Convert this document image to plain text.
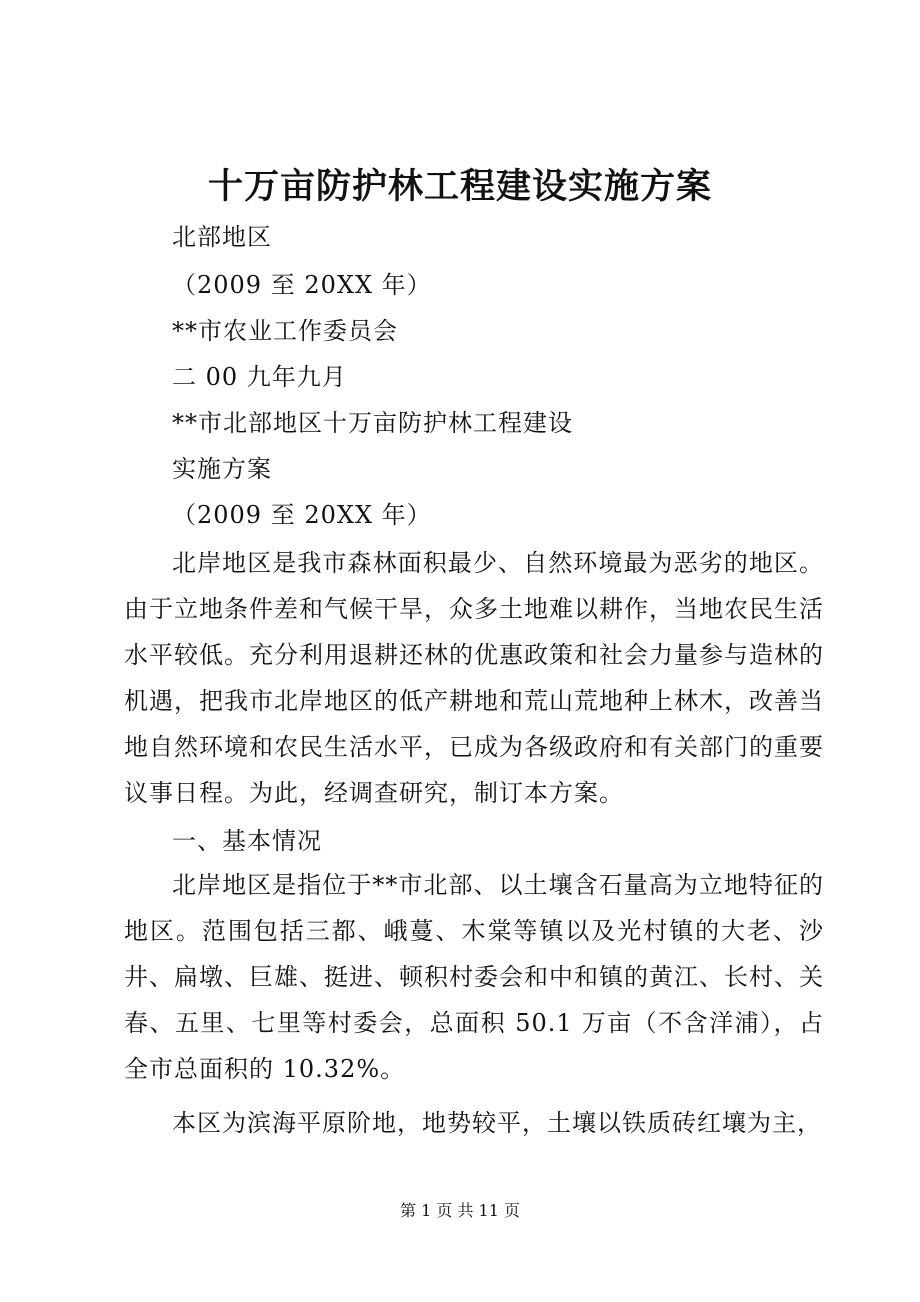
十万亩防护林工程建设实施方案
北部地区
（2009 至 20XX 年）
**市农业工作委员会
二 00 九年九月
**市北部地区十万亩防护林工程建设
实施方案
（2009 至 20XX 年）

北岸地区是我市森林面积最少、自然环境最为恶劣的地区。由于立地条件差和气候干旱，众多土地难以耕作，当地农民生活水平较低。充分利用退耕还林的优惠政策和社会力量参与造林的机遇，把我市北岸地区的低产耕地和荒山荒地种上林木，改善当地自然环境和农民生活水平，已成为各级政府和有关部门的重要议事日程。为此，经调查研究，制订本方案。

一、基本情况

北岸地区是指位于**市北部、以土壤含石量高为立地特征的地区。范围包括三都、峨蔓、木棠等镇以及光村镇的大老、沙井、扁墩、巨雄、挺进、顿积村委会和中和镇的黄江、长村、关春、五里、七里等村委会，总面积 50.1 万亩（不含洋浦），占全市总面积的 10.32%。

本区为滨海平原阶地，地势较平，土壤以铁质砖红壤为主，

第 1 页 共 11 页
